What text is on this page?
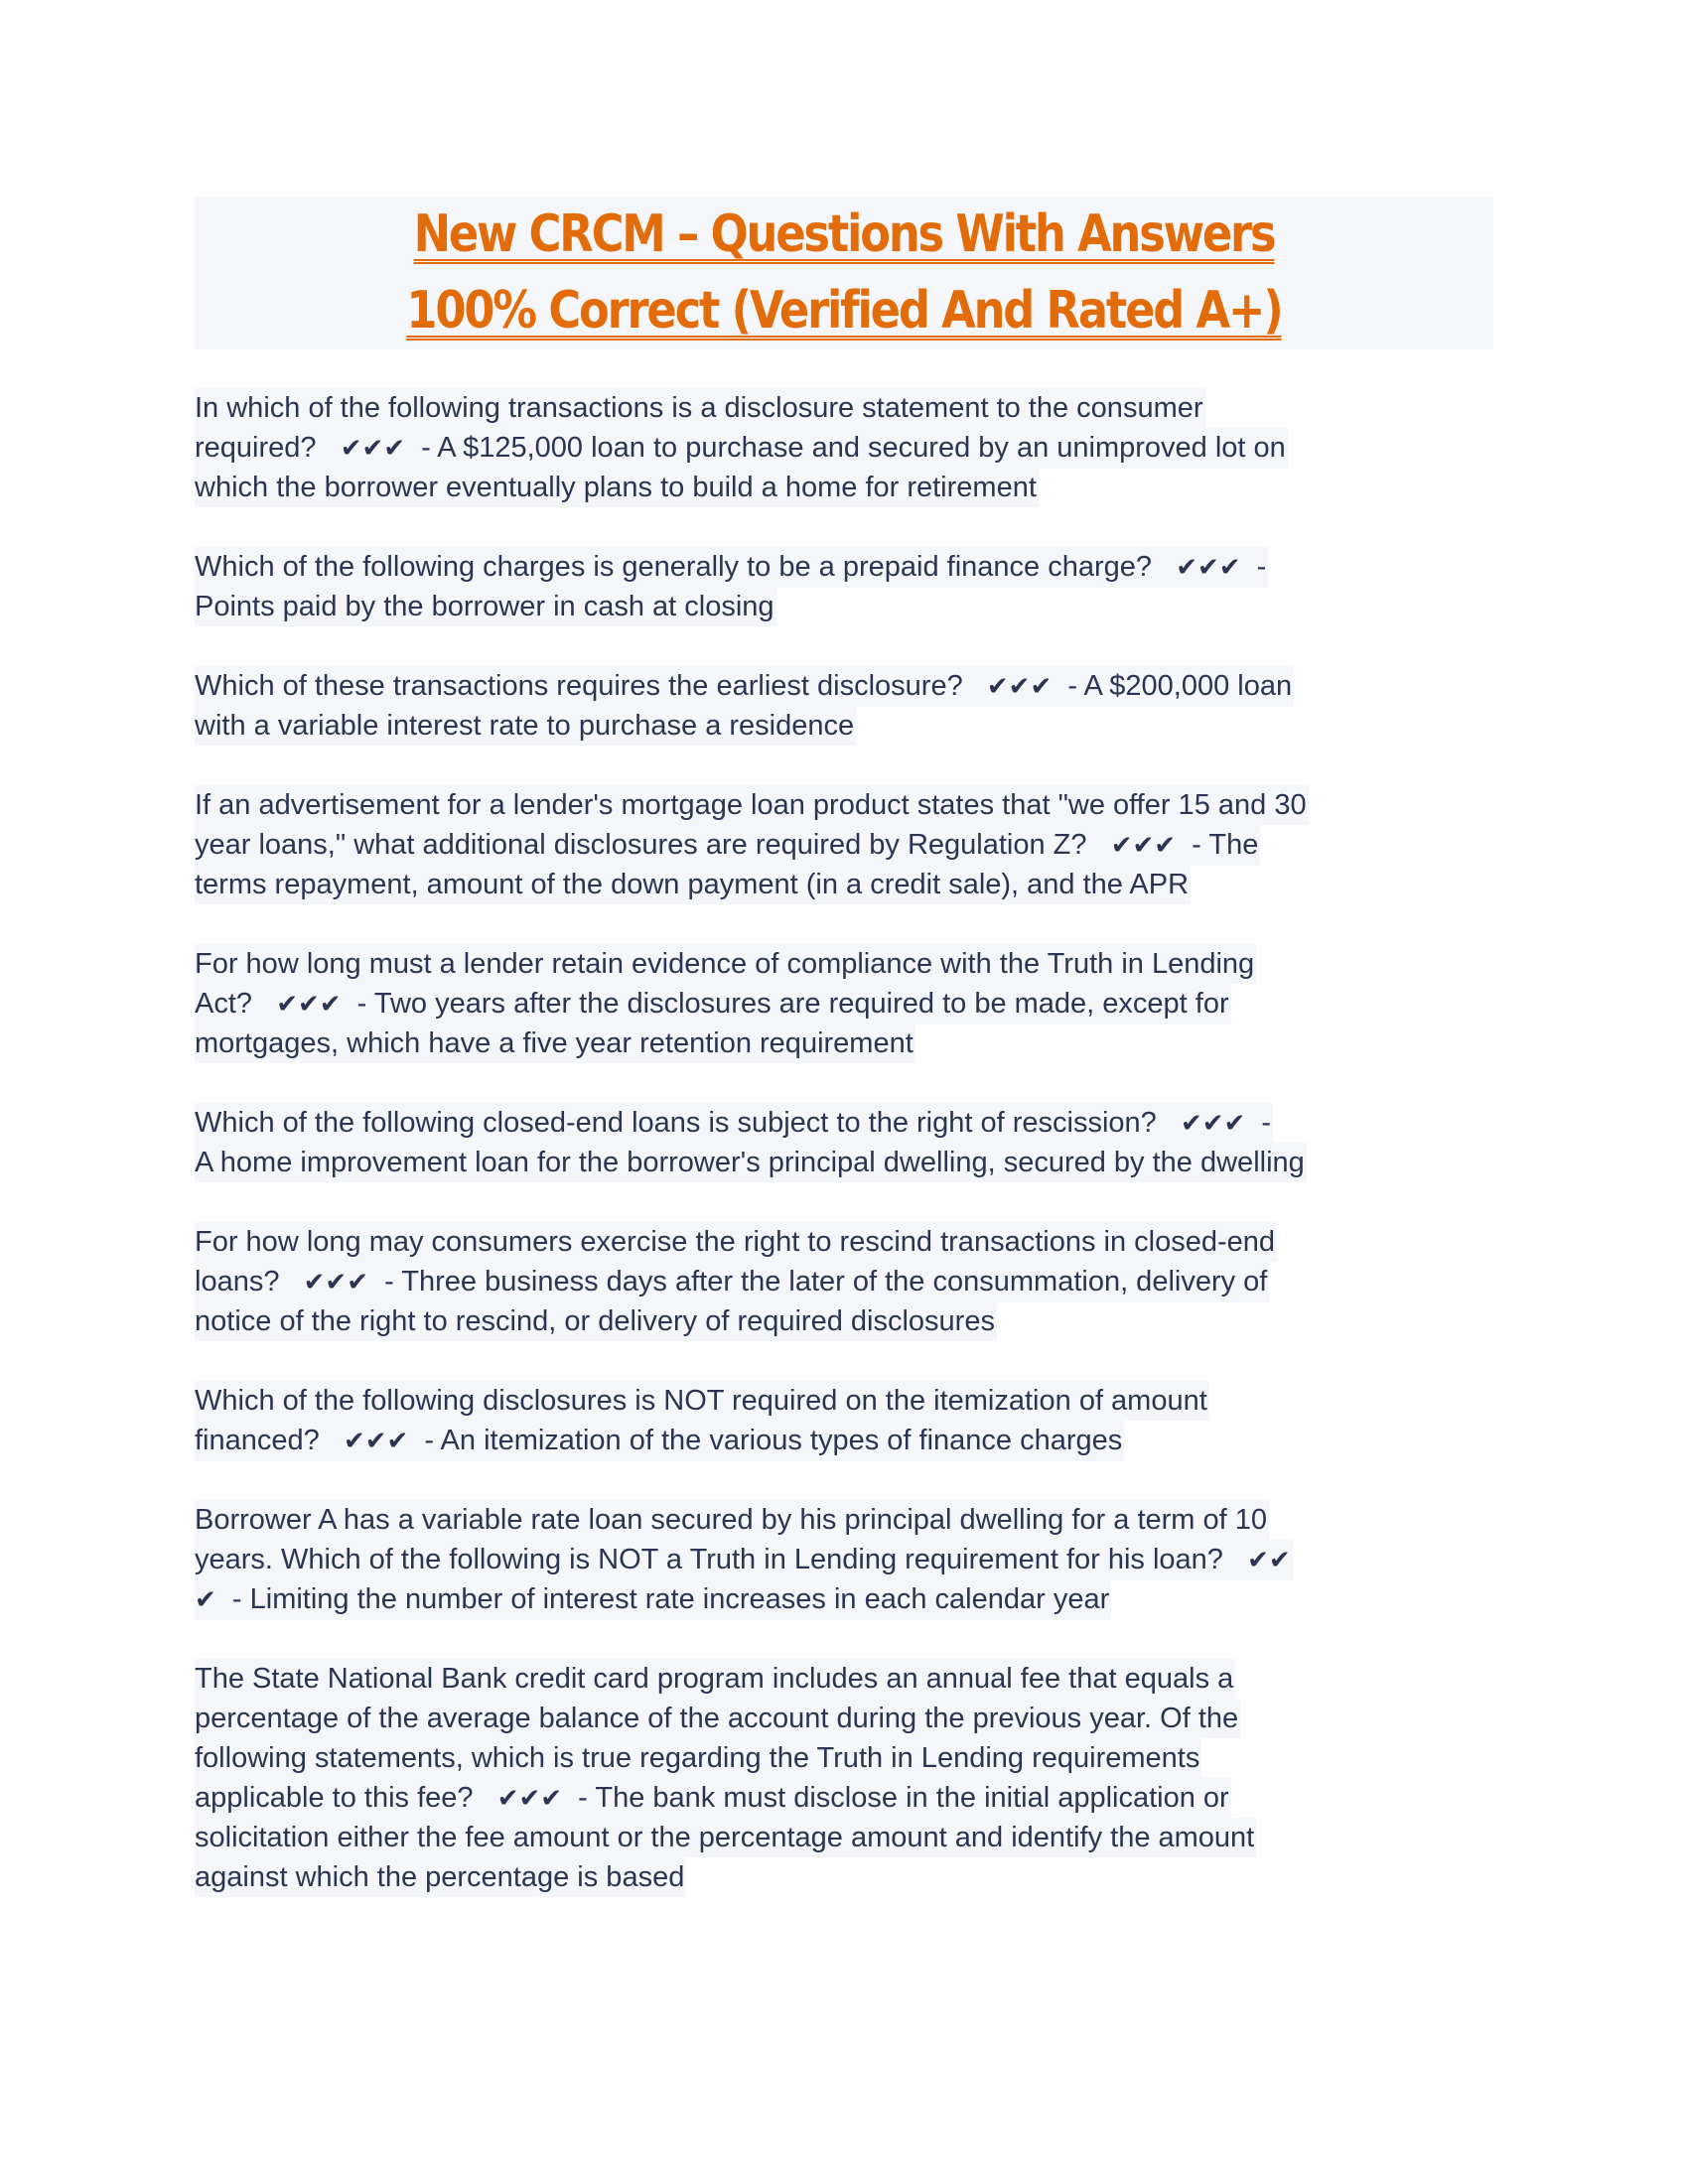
New CRCM – Questions With Answers
100% Correct (Verified And Rated A+)
In which of the following transactions is a disclosure statement to the consumer
required?   ✔✔✔  - A $125,000 loan to purchase and secured by an unimproved lot on
which the borrower eventually plans to build a home for retirement
Which of the following charges is generally to be a prepaid finance charge?   ✔✔✔  -
Points paid by the borrower in cash at closing
Which of these transactions requires the earliest disclosure?   ✔✔✔  - A $200,000 loan
with a variable interest rate to purchase a residence
If an advertisement for a lender's mortgage loan product states that "we offer 15 and 30
year loans," what additional disclosures are required by Regulation Z?   ✔✔✔  - The
terms repayment, amount of the down payment (in a credit sale), and the APR
For how long must a lender retain evidence of compliance with the Truth in Lending
Act?   ✔✔✔  - Two years after the disclosures are required to be made, except for
mortgages, which have a five year retention requirement
Which of the following closed-end loans is subject to the right of rescission?   ✔✔✔  -
A home improvement loan for the borrower's principal dwelling, secured by the dwelling
For how long may consumers exercise the right to rescind transactions in closed-end
loans?   ✔✔✔  - Three business days after the later of the consummation, delivery of
notice of the right to rescind, or delivery of required disclosures
Which of the following disclosures is NOT required on the itemization of amount
financed?   ✔✔✔  - An itemization of the various types of finance charges
Borrower A has a variable rate loan secured by his principal dwelling for a term of 10
years. Which of the following is NOT a Truth in Lending requirement for his loan?   ✔✔
✔  - Limiting the number of interest rate increases in each calendar year
The State National Bank credit card program includes an annual fee that equals a
percentage of the average balance of the account during the previous year. Of the
following statements, which is true regarding the Truth in Lending requirements
applicable to this fee?   ✔✔✔  - The bank must disclose in the initial application or
solicitation either the fee amount or the percentage amount and identify the amount
against which the percentage is based
